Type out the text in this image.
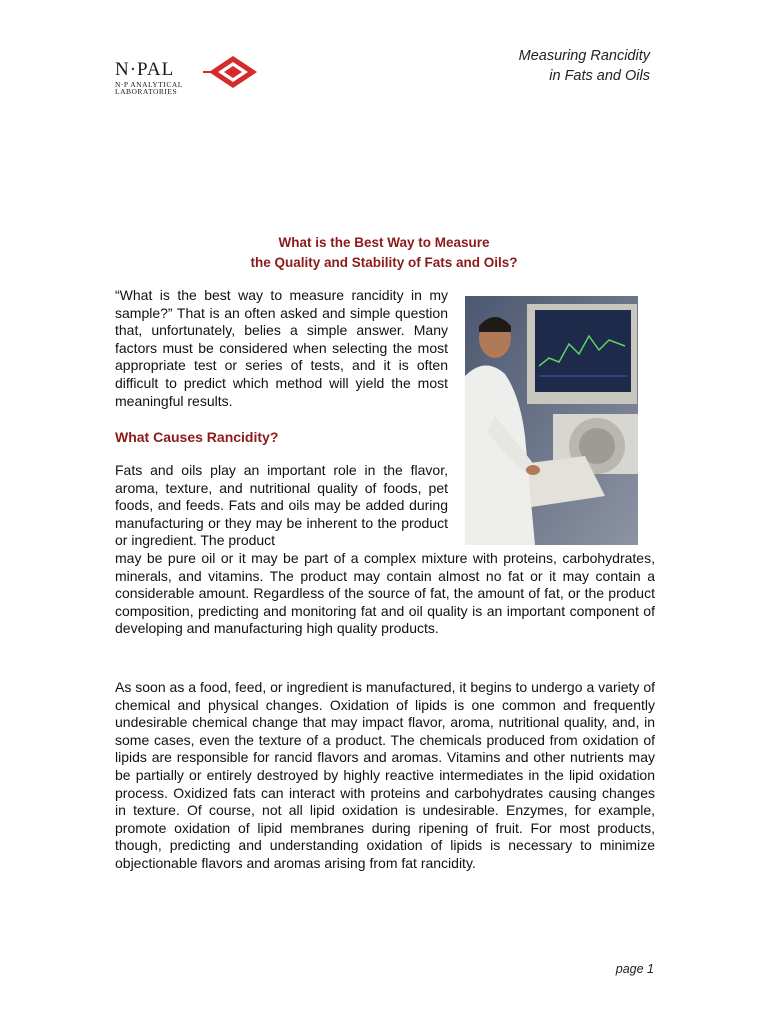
N·PAL
N·P ANALYTICAL
LABORATORIES
Measuring Rancidity
in Fats and Oils
What is the Best Way to Measure
the Quality and Stability of Fats and Oils?

“What is the best way to measure rancidity in my sample?” That is an often asked and simple question that, unfortunately, belies a simple answer. Many factors must be considered when selecting the most appropriate test or series of tests, and it is often difficult to predict which method will yield the most meaningful results.

What Causes Rancidity?

Fats and oils play an important role in the flavor, aroma, texture, and nutritional quality of foods, pet foods, and feeds. Fats and oils may be added during manufacturing or they may be inherent to the product or ingredient. The product

may be pure oil or it may be part of a complex mixture with proteins, carbohydrates, minerals, and vitamins. The product may contain almost no fat or it may contain a considerable amount. Regardless of the source of fat, the amount of fat, or the product composition, predicting and monitoring fat and oil quality is an important component of developing and manufacturing high quality products.

As soon as a food, feed, or ingredient is manufactured, it begins to undergo a variety of chemical and physical changes. Oxidation of lipids is one common and frequently undesirable chemical change that may impact flavor, aroma, nutritional quality, and, in some cases, even the texture of a product. The chemicals produced from oxidation of lipids are responsible for rancid flavors and aromas. Vitamins and other nutrients may be partially or entirely destroyed by highly reactive intermediates in the lipid oxidation process. Oxidized fats can interact with proteins and carbohydrates causing changes in texture. Of course, not all lipid oxidation is undesirable. Enzymes, for example, promote oxidation of lipid membranes during ripening of fruit. For most products, though, predicting and understanding oxidation of lipids is necessary to minimize objectionable flavors and aromas arising from fat rancidity.

page 1
